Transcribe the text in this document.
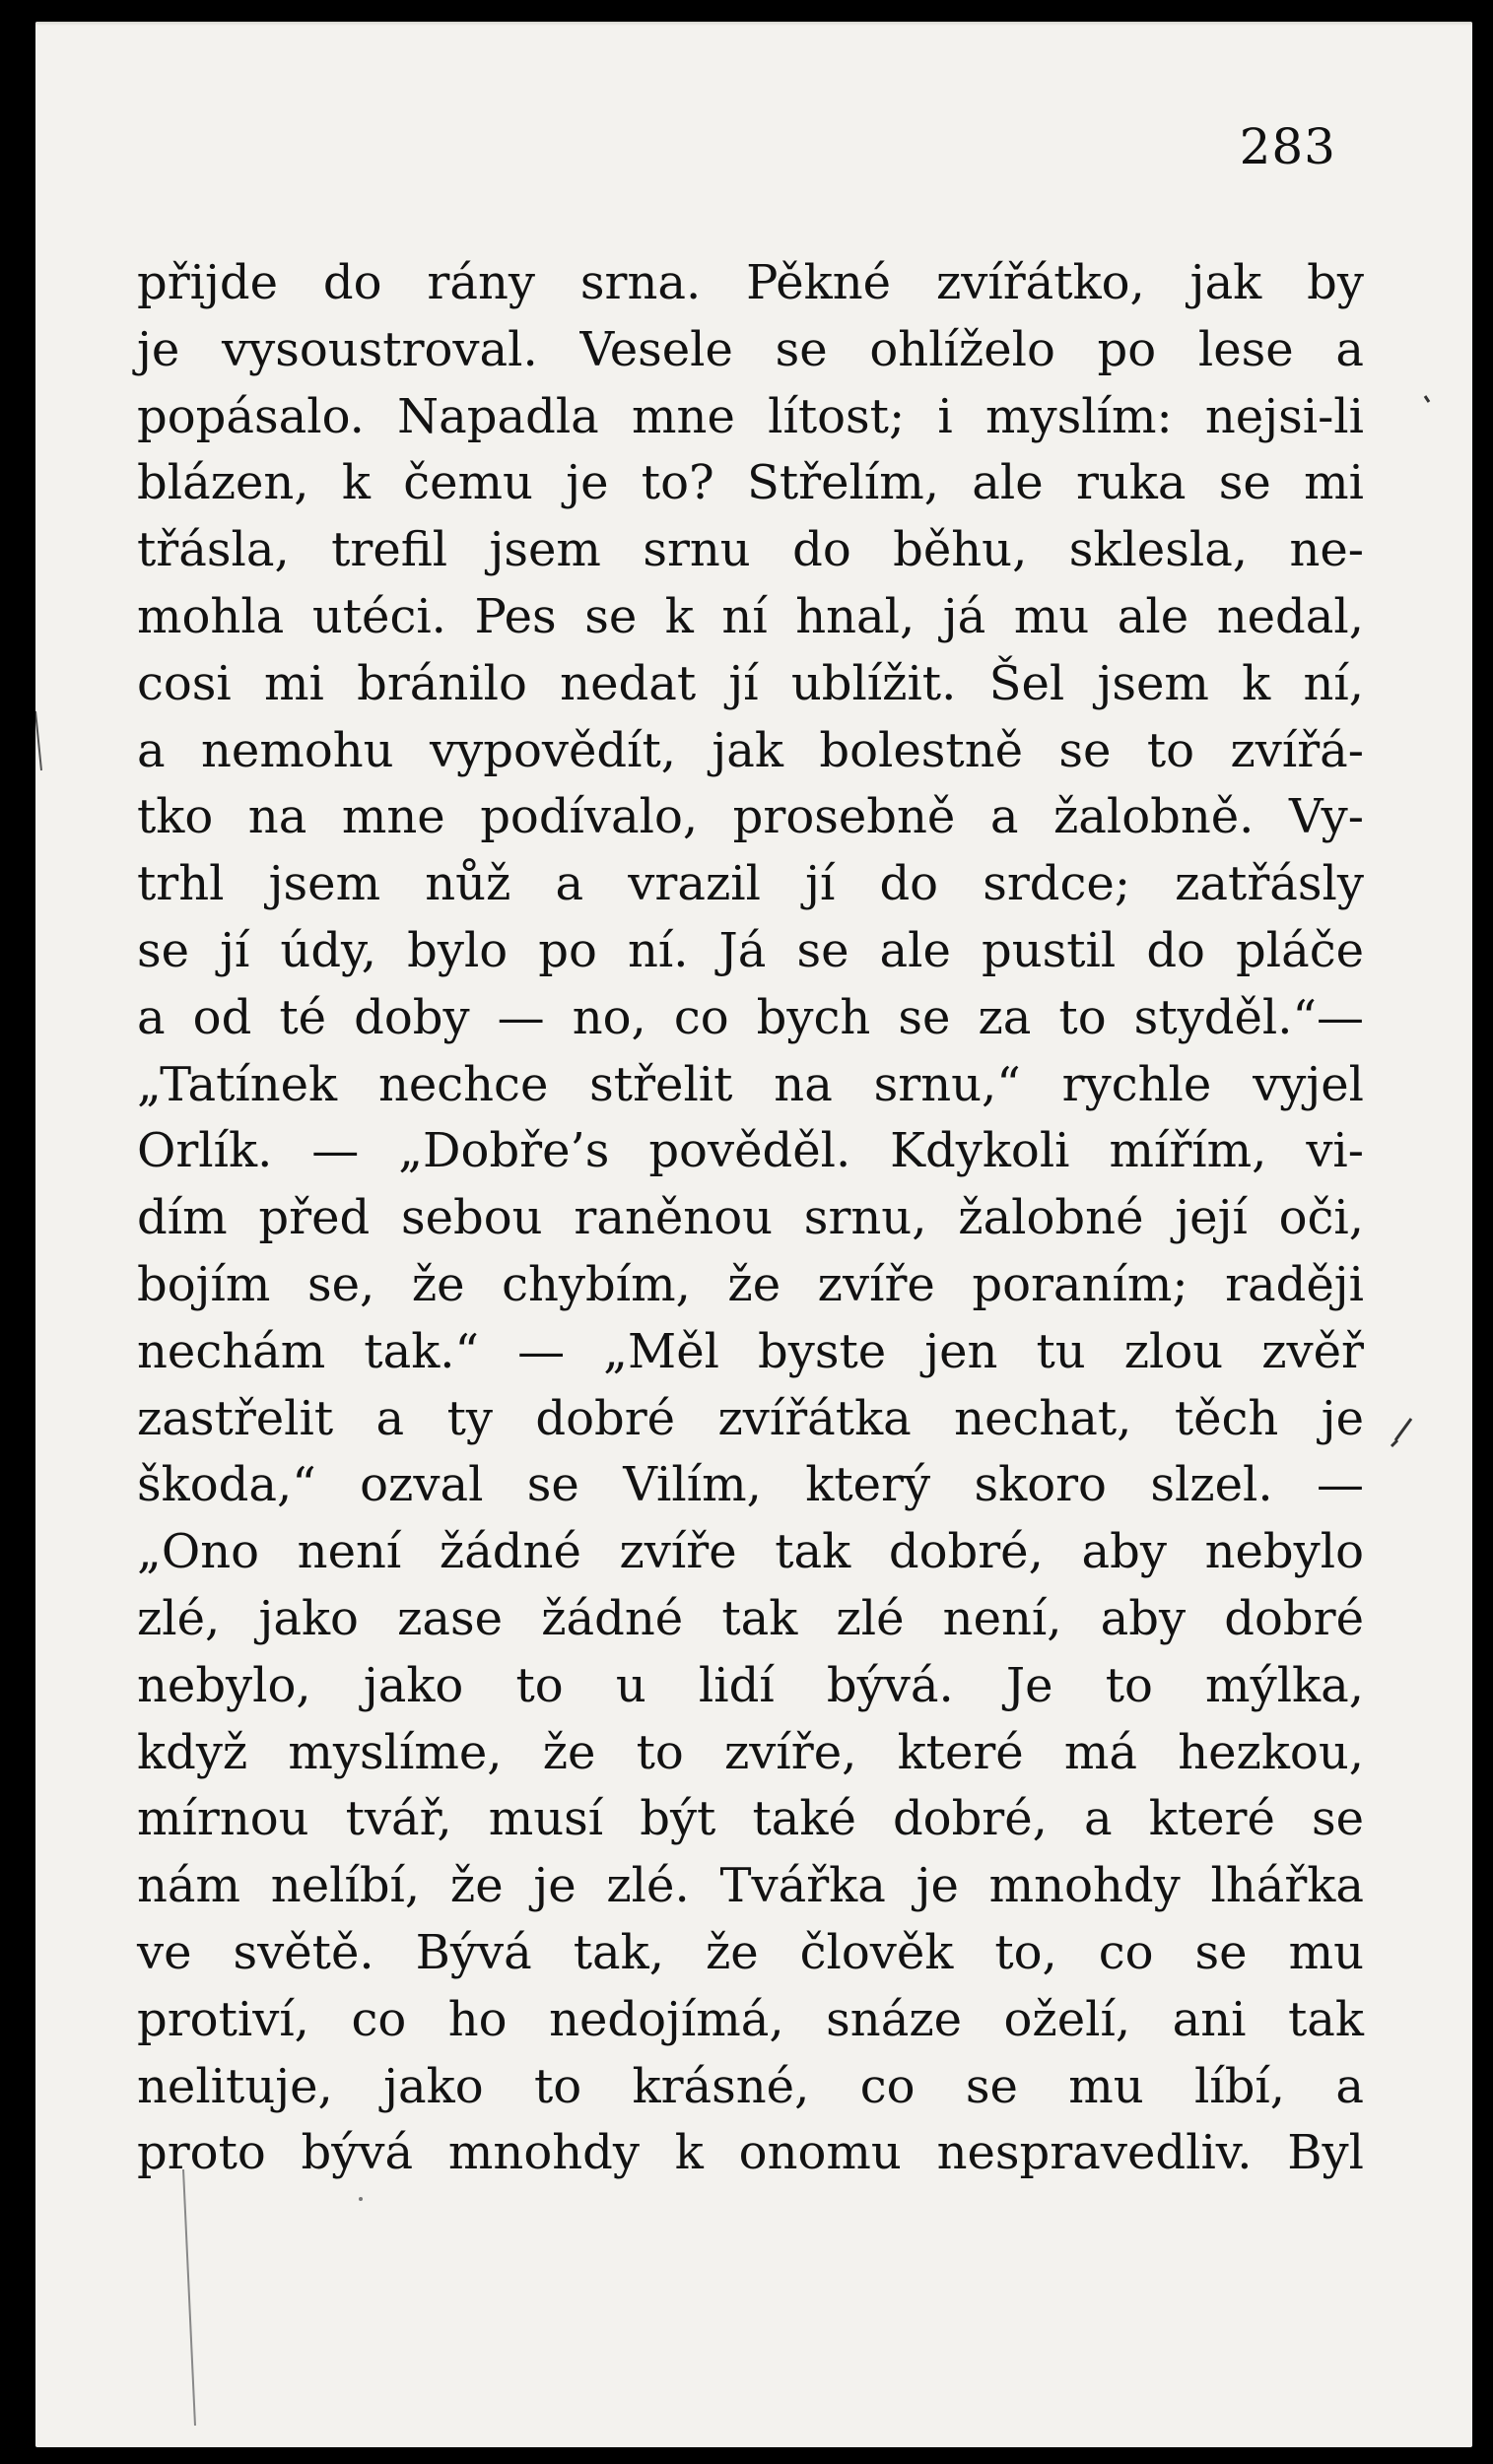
283
přijde do rány srna. Pěkné zvířátko, jak by
je vysoustroval. Vesele se ohlíželo po lese a
popásalo. Napadla mne lítost; i myslím: nejsi-li
blázen, k čemu je to? Střelím, ale ruka se mi
třásla, trefil jsem srnu do běhu, sklesla, ne-
mohla utéci. Pes se k ní hnal, já mu ale nedal,
cosi mi bránilo nedat jí ublížit. Šel jsem k ní,
a nemohu vypovědít, jak bolestně se to zvířá-
tko na mne podívalo, prosebně a žalobně. Vy-
trhl jsem nůž a vrazil jí do srdce; zatřásly
se jí údy, bylo po ní. Já se ale pustil do pláče
a od té doby — no, co bych se za to styděl.“—
„Tatínek nechce střelit na srnu,“ rychle vyjel
Orlík. — „Dobře’s pověděl. Kdykoli mířím, vi-
dím před sebou raněnou srnu, žalobné její oči,
bojím se, že chybím, že zvíře poraním; raději
nechám tak.“ — „Měl byste jen tu zlou zvěř
zastřelit a ty dobré zvířátka nechat, těch je
škoda,“ ozval se Vilím, který skoro slzel. —
„Ono není žádné zvíře tak dobré, aby nebylo
zlé, jako zase žádné tak zlé není, aby dobré
nebylo, jako to u lidí bývá. Je to mýlka,
když myslíme, že to zvíře, které má hezkou,
mírnou tvář, musí být také dobré, a které se
nám nelíbí, že je zlé. Tvářka je mnohdy lhářka
ve světě. Bývá tak, že člověk to, co se mu
protiví, co ho nedojímá, snáze oželí, ani tak
nelituje, jako to krásné, co se mu líbí, a
proto bývá mnohdy k onomu nespravedliv. Byl
